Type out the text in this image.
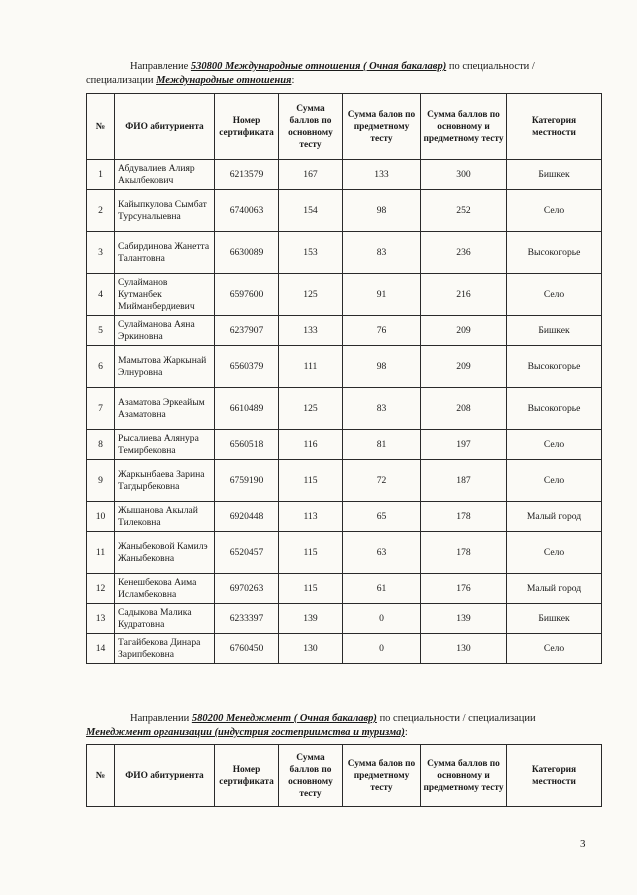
Направление 530800 Международные отношения ( Очная бакалавр) по специальности /
специализации Международные отношения:
№	ФИО абитуриента	Номер сертификата	Сумма баллов по основному тесту	Сумма балов по предметному тесту	Сумма баллов по основному и предметному тесту	Категория местности
1	Абдувалиев Алияр Акылбекович	6213579	167	133	300	Бишкек
2	Кайыпкулова Сымбат Турсуналыевна	6740063	154	98	252	Село
3	Сабирдинова Жанетта Талантовна	6630089	153	83	236	Высокогорье
4	Сулайманов Кутманбек Мийманбердиевич	6597600	125	91	216	Село
5	Сулайманова Аяна Эркиновна	6237907	133	76	209	Бишкек
6	Мамытова Жаркынай Элнуровна	6560379	111	98	209	Высокогорье
7	Азаматова Эркеайым Азаматовна	6610489	125	83	208	Высокогорье
8	Рысалиева Алянура Темирбековна	6560518	116	81	197	Село
9	Жаркынбаева Зарина Тагдырбековна	6759190	115	72	187	Село
10	Жышанова Акылай Тилековна	6920448	113	65	178	Малый город
11	Жаныбековой Камилэ Жаныбековна	6520457	115	63	178	Село
12	Кенешбекова Аима Исламбековна	6970263	115	61	176	Малый город
13	Садыкова Малика Кудратовна	6233397	139	0	139	Бишкек
14	Тагайбекова Динара Зарипбековна	6760450	130	0	130	Село
Направлении 580200 Менеджмент ( Очная бакалавр) по специальности / специализации
Менеджмент организации (индустрия гостеприимства и туризма):
№	ФИО абитуриента	Номер сертификата	Сумма баллов по основному тесту	Сумма балов по предметному тесту	Сумма баллов по основному и предметному тесту	Категория местности
3
